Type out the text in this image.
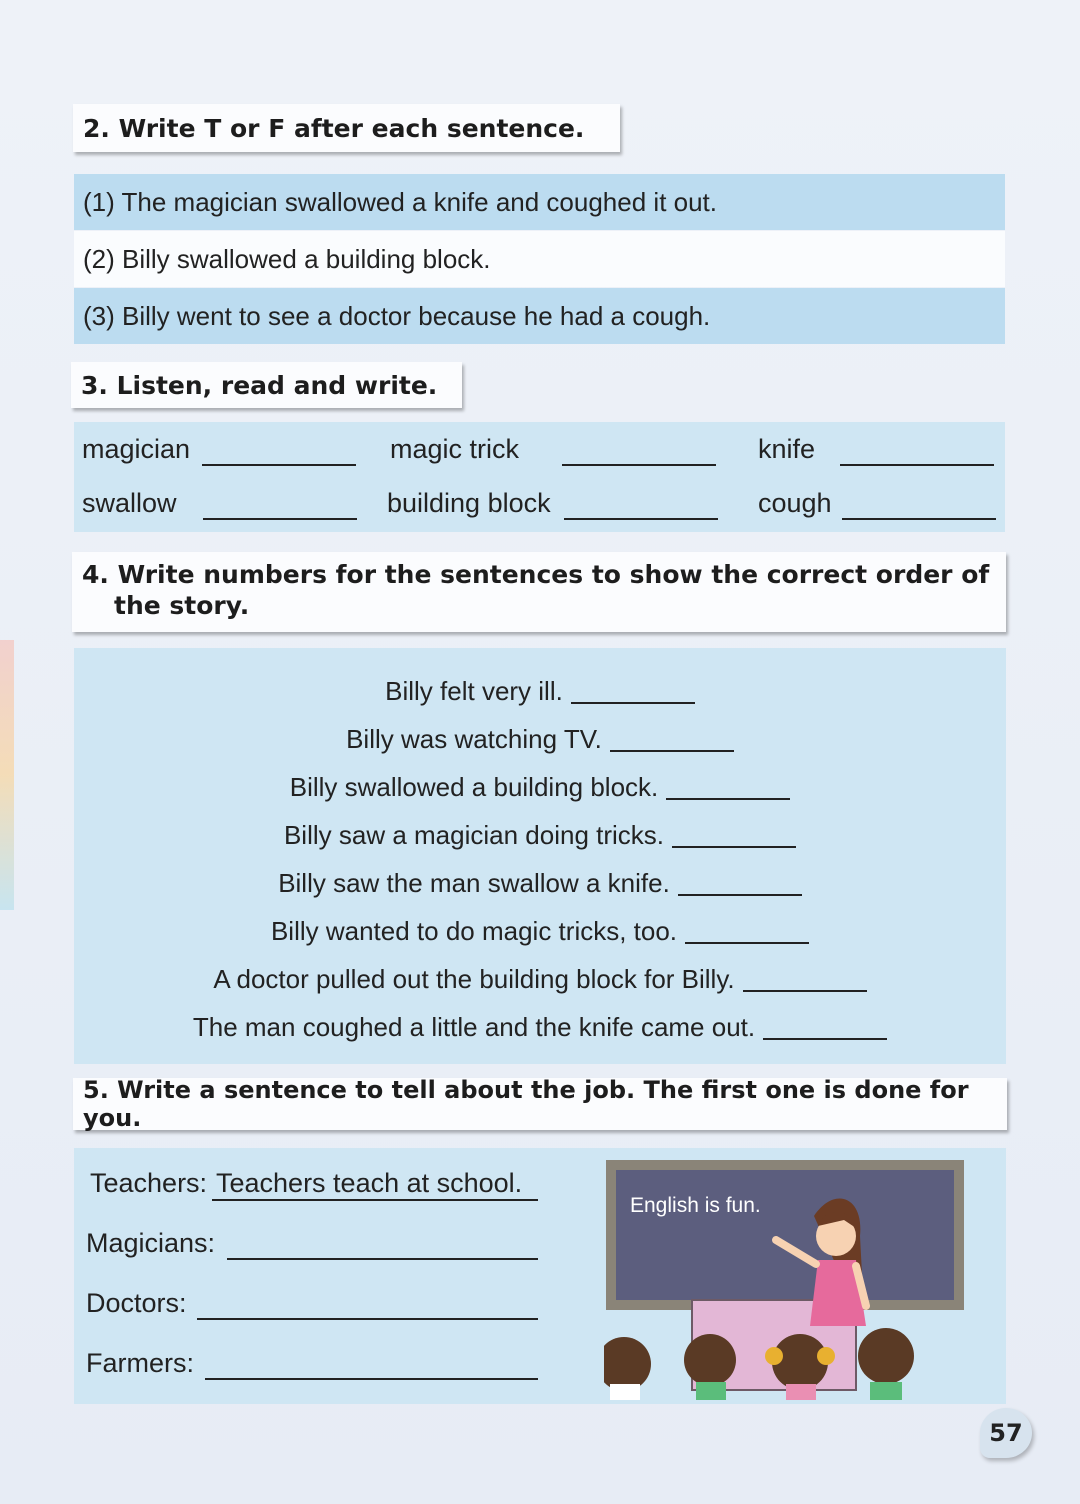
2. Write T or F after each sentence.
(1) The magician swallowed a knife and coughed it out.
(2) Billy swallowed a building block.
(3) Billy went to see a doctor because he had a cough.
3. Listen, read and write.
magician	magic trick	knife
swallow	building block	cough
4. Write numbers for the sentences to show the correct order of
the story.
Billy felt very ill.
Billy was watching TV.
Billy swallowed a building block.
Billy saw a magician doing tricks.
Billy saw the man swallow a knife.
Billy wanted to do magic tricks, too.
A doctor pulled out the building block for Billy.
The man coughed a little and the knife came out.
5. Write a sentence to tell about the job. The first one is done for you.
Teachers: Teachers teach at school.
Magicians:
Doctors:
Farmers:
English is fun.
57
